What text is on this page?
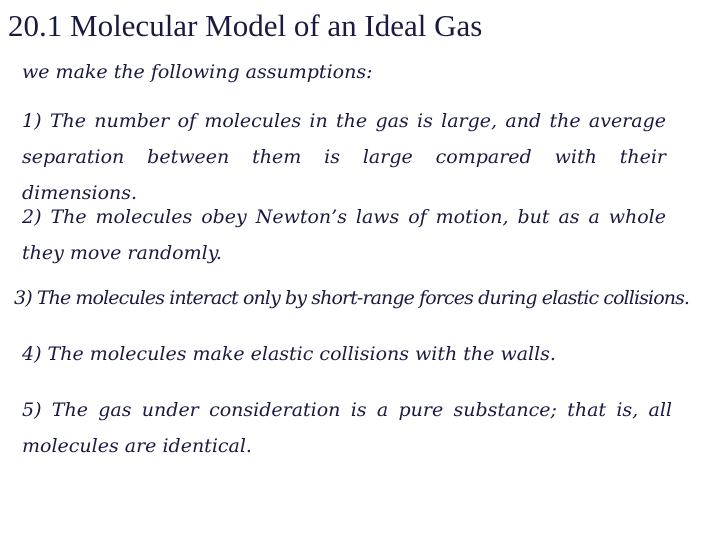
20.1 Molecular Model of an Ideal Gas

we make the following assumptions:

1) The number of molecules in the gas is large, and the average separation between them is large compared with their dimensions.

2) The molecules obey Newton’s laws of motion, but as a whole they move randomly.

3) The molecules interact only by short-range forces during elastic collisions.

4) The molecules make elastic collisions with the walls.

5) The gas under consideration is a pure substance; that is, all molecules are identical.
